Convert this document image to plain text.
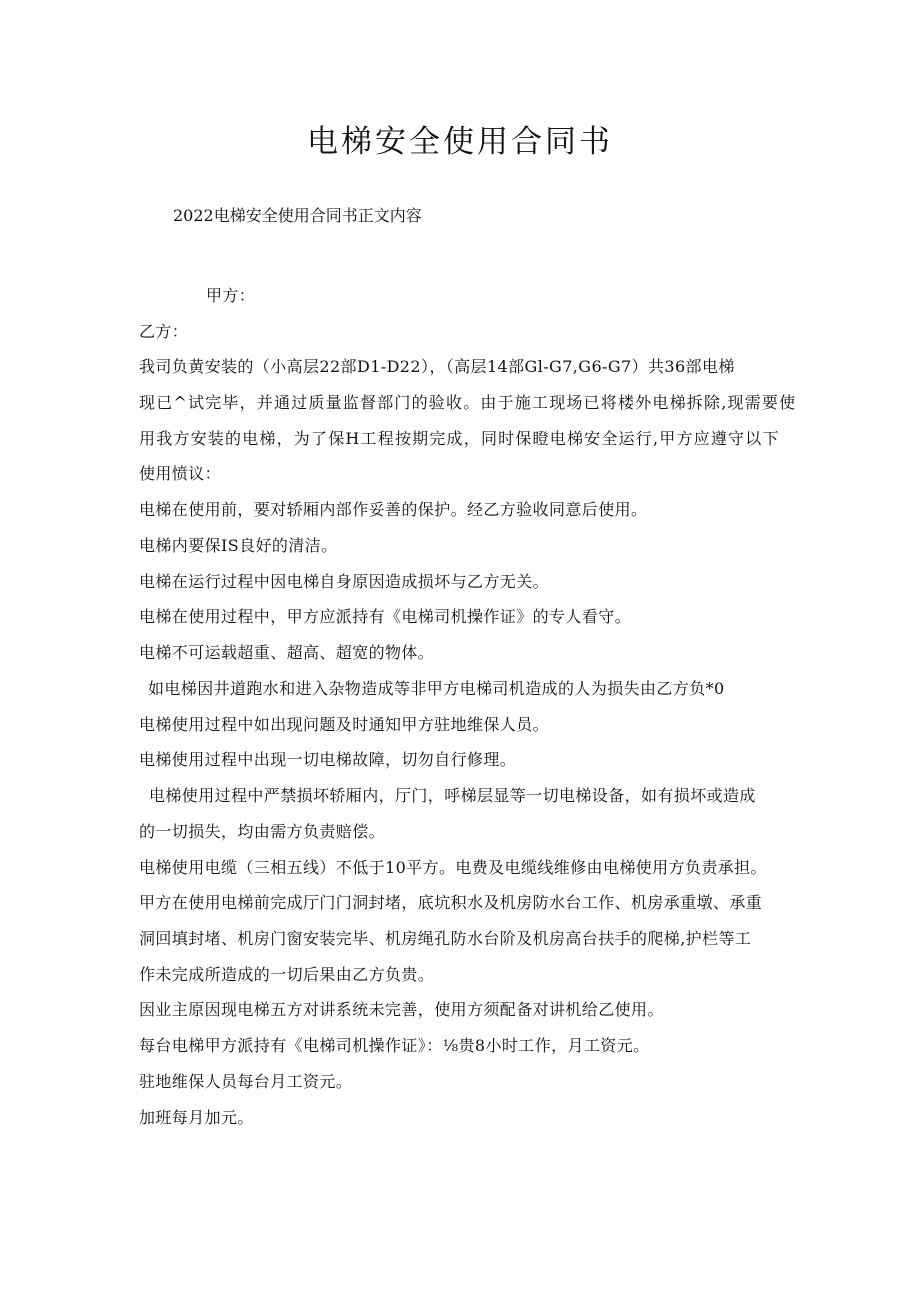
电梯安全使用合同书
2022电梯安全使用合同书正文内容
甲方：
乙方：
我司负黄安装的（小高层22部D1-D22），（高层14部Gl-G7,G6-G7）共36部电梯
现已^试完毕，并通过质量监督部门的验收。由于施工现场已将楼外电梯拆除,现需要使
用我方安装的电梯，为了保H工程按期完成，同时保瞪电梯安全运行,甲方应遵守以下
使用愤议：
电梯在使用前，要对轿厢内部作妥善的保护。经乙方验收同意后使用。
电梯内要保IS良好的清洁。
电梯在运行过程中因电梯自身原因造成损坏与乙方无关。
电梯在使用过程中，甲方应派持有《电梯司机操作证》的专人看守。
电梯不可运载超重、超高、超宽的物体。
如电梯因井道跑水和进入杂物造成等非甲方电梯司机造成的人为损失由乙方负*0
电梯使用过程中如出现问题及时通知甲方驻地维保人员。
电梯使用过程中出现一切电梯故障，切勿自行修理。
电梯使用过程中严禁损坏轿厢内，厅门，呼梯层显等一切电梯设备，如有损坏或造成
的一切损失，均由需方负责赔偿。
电梯使用电缆（三相五线）不低于10平方。电费及电缆线维修由电梯使用方负责承担。
甲方在使用电梯前完成厅门门洞封堵，底坑积水及机房防水台工作、机房承重墩、承重
洞回填封堵、机房门窗安装完毕、机房绳孔防水台阶及机房高台扶手的爬梯,护栏等工
作未完成所造成的一切后果由乙方负贵。
因业主原因现电梯五方对讲系统未完善，使用方须配备对讲机给乙使用。
每台电梯甲方派持有《电梯司机操作证》：⅛贵8小时工作，月工资元。
驻地维保人员每台月工资元。
加班每月加元。
